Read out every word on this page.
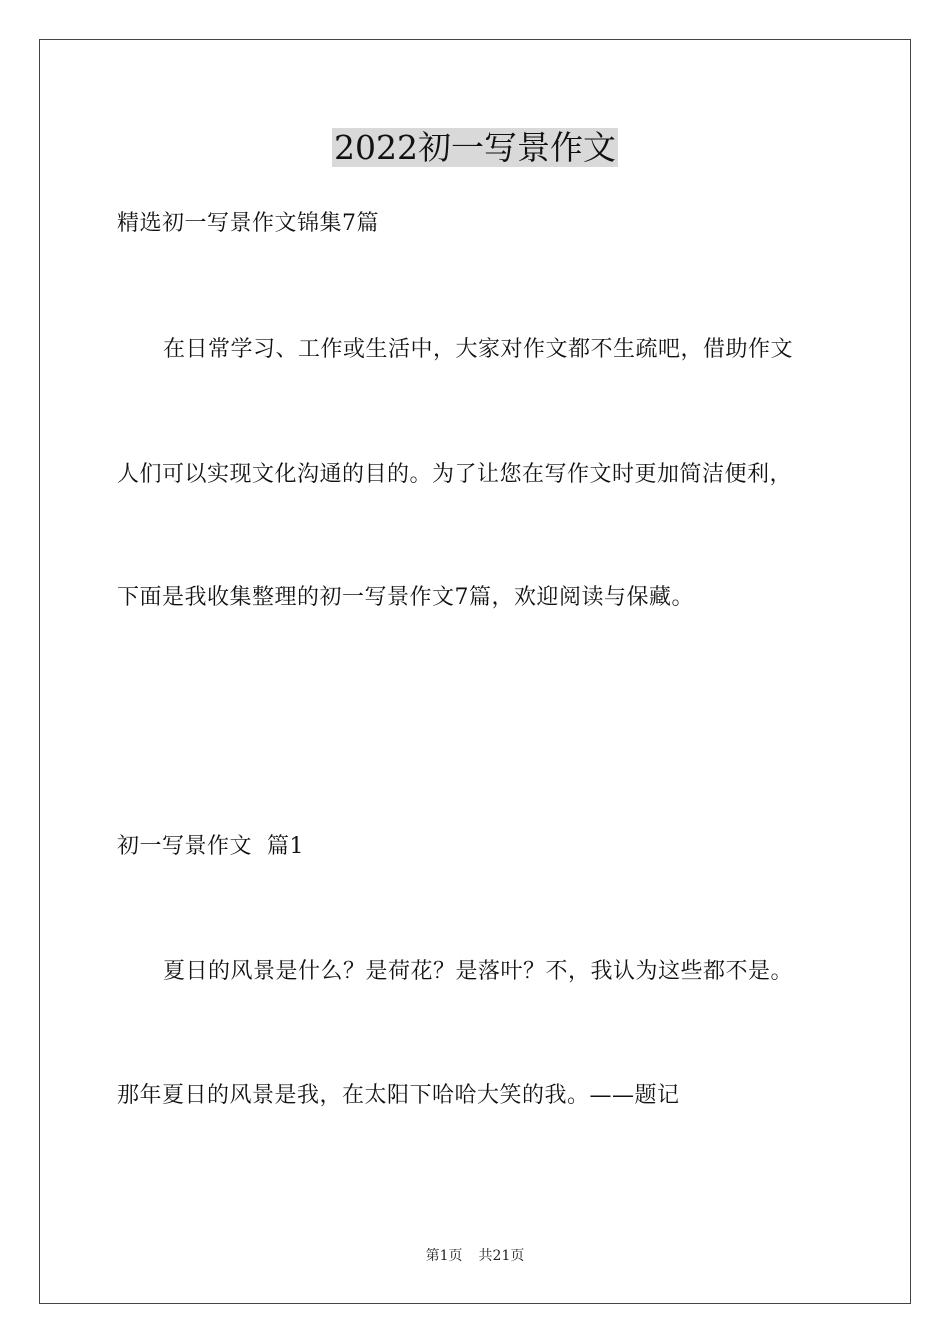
2022初一写景作文
精选初一写景作文锦集7篇
在日常学习、工作或生活中，大家对作文都不生疏吧，借助作文
人们可以实现文化沟通的目的。为了让您在写作文时更加简洁便利，
下面是我收集整理的初一写景作文7篇，欢迎阅读与保藏。
初一写景作文  篇1
夏日的风景是什么？是荷花？是落叶？不，我认为这些都不是。
那年夏日的风景是我，在太阳下哈哈大笑的我。——题记
第1页 共21页
